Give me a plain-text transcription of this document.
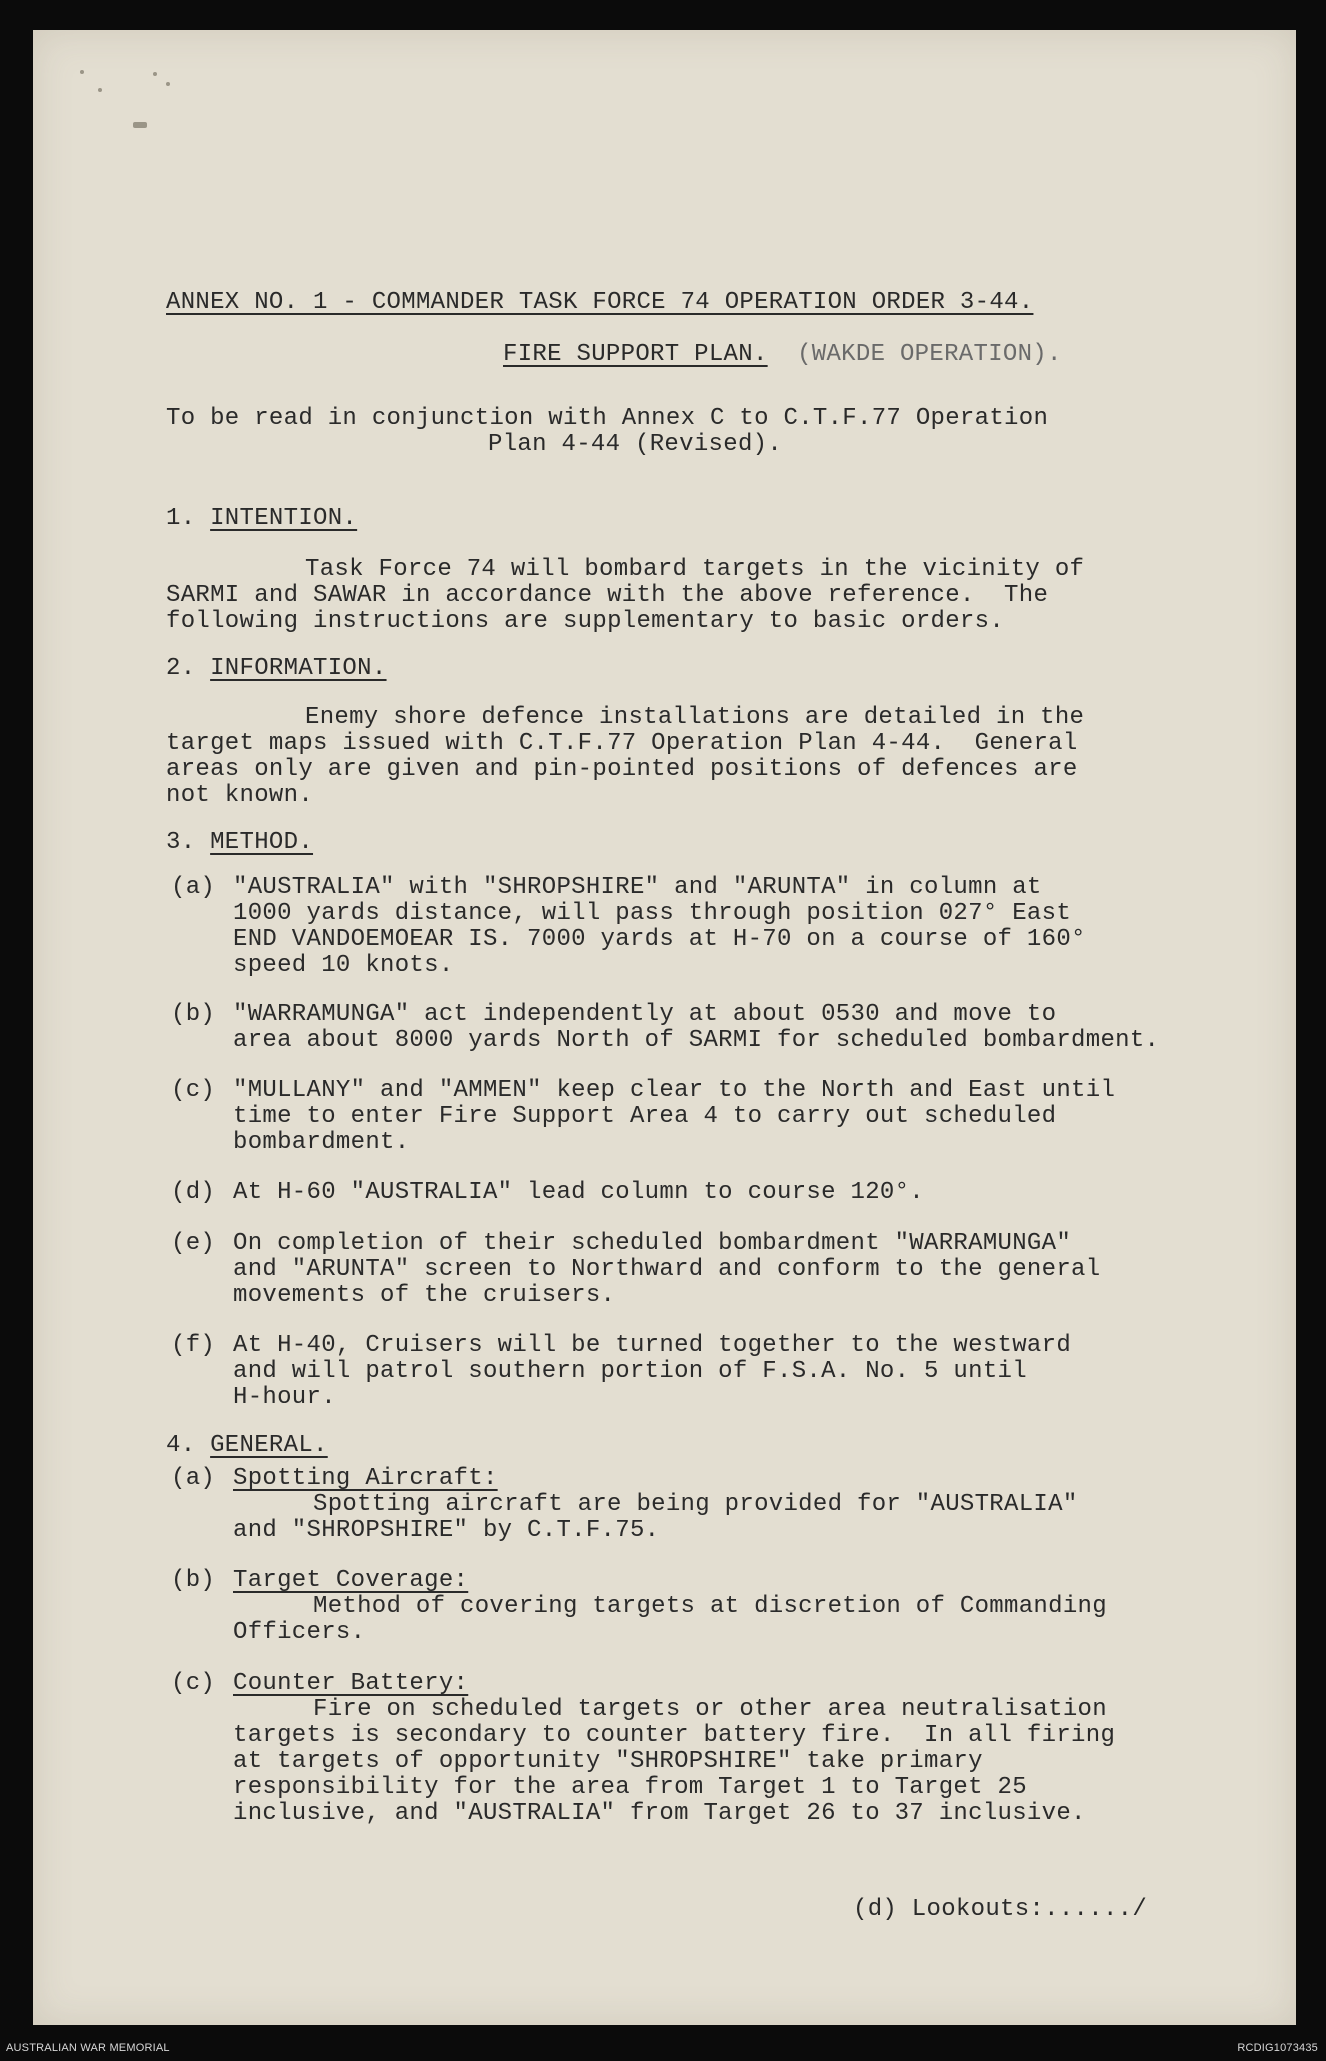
ANNEX NO. 1 - COMMANDER TASK FORCE 74 OPERATION ORDER 3-44.
FIRE SUPPORT PLAN. (WAKDE OPERATION).
To be read in conjunction with Annex C to C.T.F.77 Operation
Plan 4-44 (Revised).
1. INTENTION.
Task Force 74 will bombard targets in the vicinity of
SARMI and SAWAR in accordance with the above reference.  The
following instructions are supplementary to basic orders.
2. INFORMATION.
Enemy shore defence installations are detailed in the
target maps issued with C.T.F.77 Operation Plan 4-44.  General
areas only are given and pin-pointed positions of defences are
not known.
3. METHOD.
(a) "AUSTRALIA" with "SHROPSHIRE" and "ARUNTA" in column at
1000 yards distance, will pass through position 027° East
END VANDOEMOEAR IS. 7000 yards at H-70 on a course of 160°
speed 10 knots.
(b) "WARRAMUNGA" act independently at about 0530 and move to
area about 8000 yards North of SARMI for scheduled bombardment.
(c) "MULLANY" and "AMMEN" keep clear to the North and East until
time to enter Fire Support Area 4 to carry out scheduled
bombardment.
(d) At H-60 "AUSTRALIA" lead column to course 120°.
(e) On completion of their scheduled bombardment "WARRAMUNGA"
and "ARUNTA" screen to Northward and conform to the general
movements of the cruisers.
(f) At H-40, Cruisers will be turned together to the westward
and will patrol southern portion of F.S.A. No. 5 until
H-hour.
4. GENERAL.
(a) Spotting Aircraft:
Spotting aircraft are being provided for "AUSTRALIA"
and "SHROPSHIRE" by C.T.F.75.
(b) Target Coverage:
Method of covering targets at discretion of Commanding
Officers.
(c) Counter Battery:
Fire on scheduled targets or other area neutralisation
targets is secondary to counter battery fire.  In all firing
at targets of opportunity "SHROPSHIRE" take primary
responsibility for the area from Target 1 to Target 25
inclusive, and "AUSTRALIA" from Target 26 to 37 inclusive.
(d) Lookouts:....../
AUSTRALIAN WAR MEMORIAL	RCDIG1073435
